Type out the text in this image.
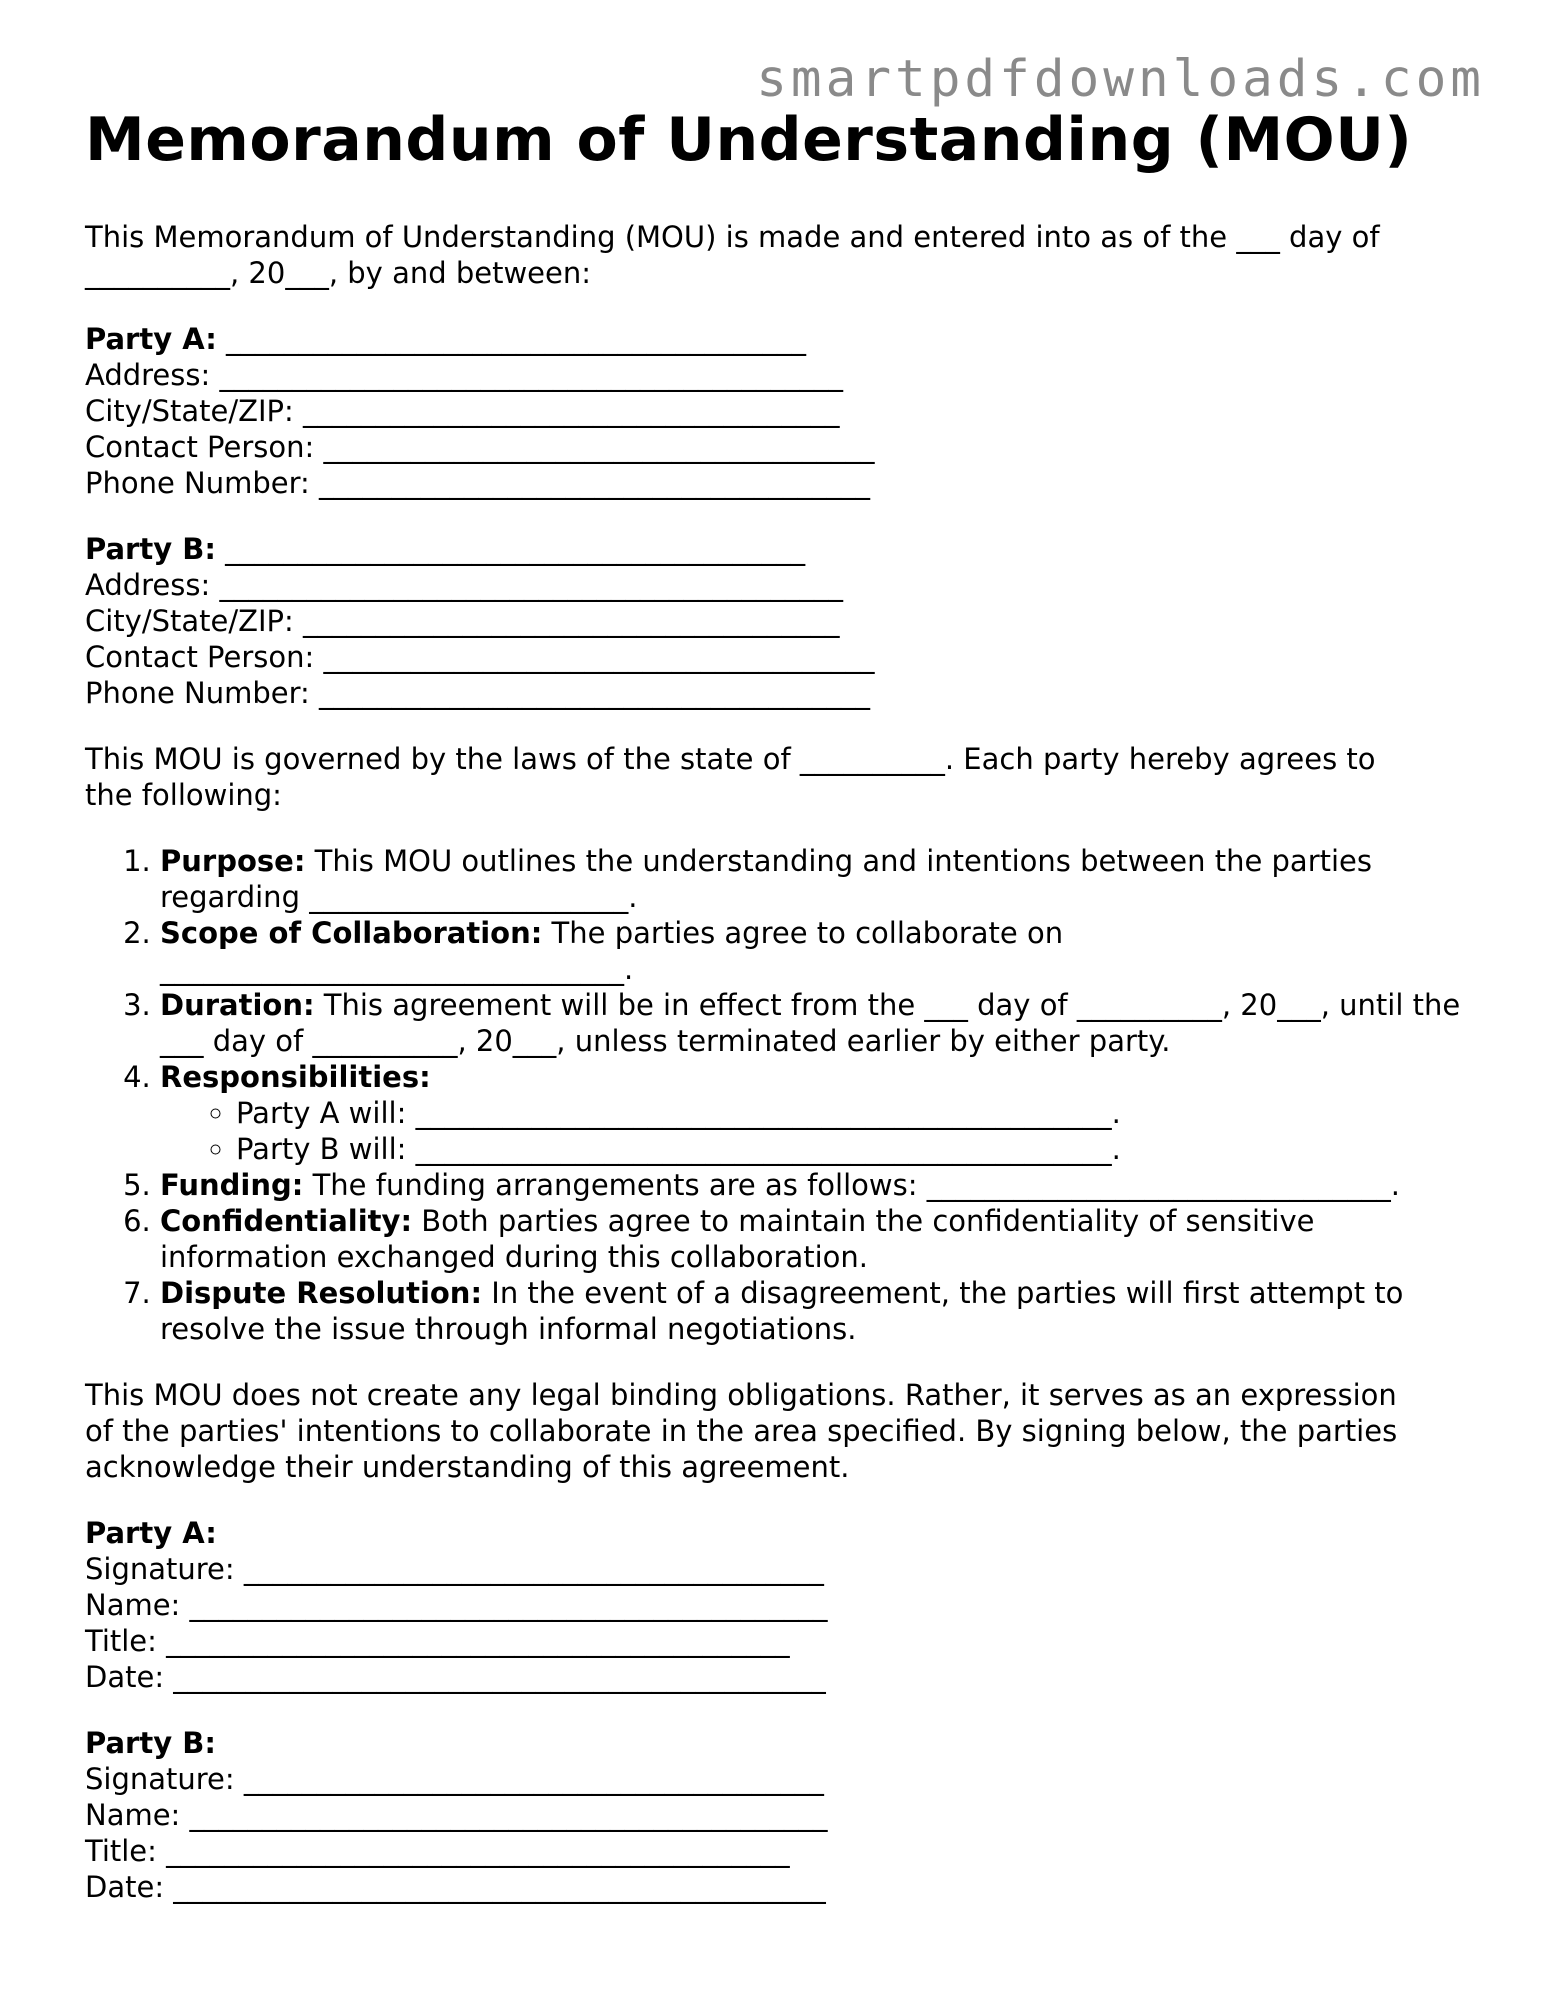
smartpdfdownloads.com
Memorandum of Understanding (MOU)

This Memorandum of Understanding (MOU) is made and entered into as of the ___ day of
__________, 20___, by and between:

Party A: ________________________________________
Address: ___________________________________________
City/State/ZIP: _____________________________________
Contact Person: ______________________________________
Phone Number: ______________________________________
Party B: ________________________________________
Address: ___________________________________________
City/State/ZIP: _____________________________________
Contact Person: ______________________________________
Phone Number: ______________________________________

This MOU is governed by the laws of the state of __________. Each party hereby agrees to
the following:

1. Purpose: This MOU outlines the understanding and intentions between the parties regarding ______________________.
2. Scope of Collaboration: The parties agree to collaborate on ________________________________.
3. Duration: This agreement will be in effect from the ___ day of __________, 20___, until the ___ day of __________, 20___, unless terminated earlier by either party.
4. Responsibilities:
◦ Party A will: ________________________________________________.
◦ Party B will: ________________________________________________.
5. Funding: The funding arrangements are as follows: ________________________________.
6. Confidentiality: Both parties agree to maintain the confidentiality of sensitive information exchanged during this collaboration.
7. Dispute Resolution: In the event of a disagreement, the parties will first attempt to resolve the issue through informal negotiations.

This MOU does not create any legal binding obligations. Rather, it serves as an expression
of the parties' intentions to collaborate in the area specified. By signing below, the parties
acknowledge their understanding of this agreement.

Party A:
Signature: ________________________________________
Name: ____________________________________________
Title: ___________________________________________
Date: _____________________________________________
Party B:
Signature: ________________________________________
Name: ____________________________________________
Title: ___________________________________________
Date: _____________________________________________
